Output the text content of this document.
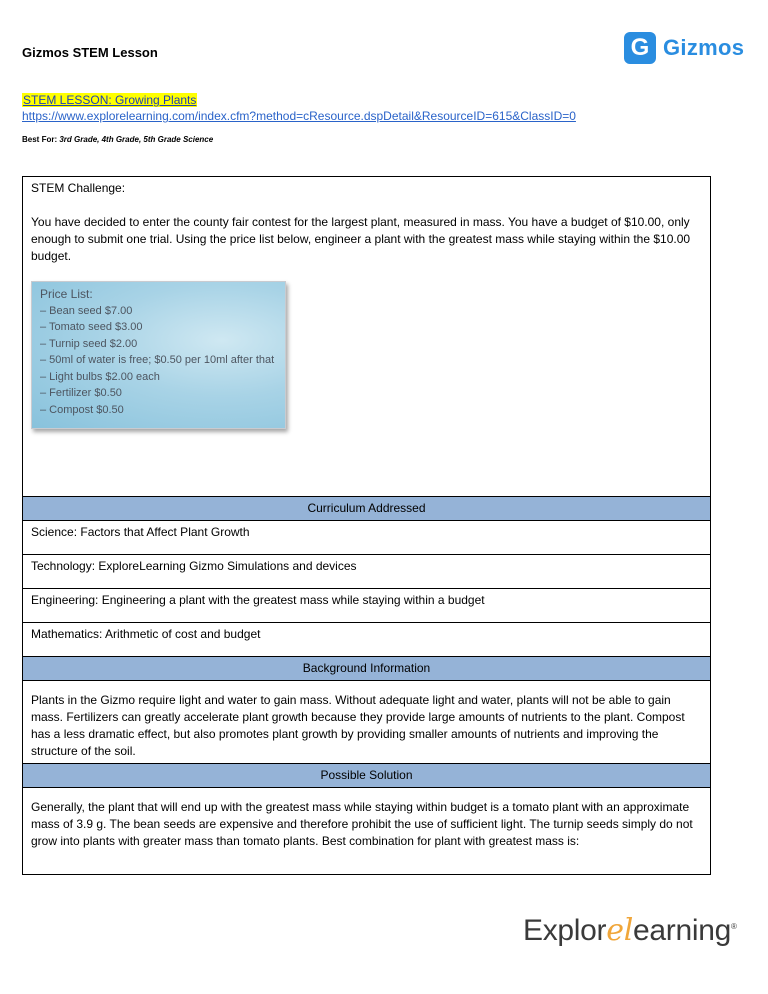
Gizmos STEM Lesson	G Gizmos
STEM LESSON: Growing Plants
https://www.explorelearning.com/index.cfm?method=cResource.dspDetail&ResourceID=615&ClassID=0
Best For: 3rd Grade, 4th Grade, 5th Grade Science
STEM Challenge:
You have decided to enter the county fair contest for the largest plant, measured in mass. You have a budget of $10.00, only enough to submit one trial. Using the price list below, engineer a plant with the greatest mass while staying within the $10.00 budget.
Price List:
– Bean seed $7.00
– Tomato seed $3.00
– Turnip seed $2.00
– 50ml of water is free; $0.50 per 10ml after that
– Light bulbs $2.00 each
– Fertilizer $0.50
– Compost $0.50

Curriculum Addressed
Science: Factors that Affect Plant Growth
Technology: ExploreLearning Gizmo Simulations and devices
Engineering: Engineering a plant with the greatest mass while staying within a budget
Mathematics: Arithmetic of cost and budget
Background Information

Plants in the Gizmo require light and water to gain mass. Without adequate light and water, plants will not be able to gain mass. Fertilizers can greatly accelerate plant growth because they provide large amounts of nutrients to the plant. Compost has a less dramatic effect, but also promotes plant growth by providing smaller amounts of nutrients and improving the structure of the soil.

Possible Solution

Generally, the plant that will end up with the greatest mass while staying within budget is a tomato plant with an approximate mass of 3.9 g. The bean seeds are expensive and therefore prohibit the use of sufficient light. The turnip seeds simply do not grow into plants with greater mass than tomato plants. Best combination for plant with greatest mass is:
Explorelearning®
